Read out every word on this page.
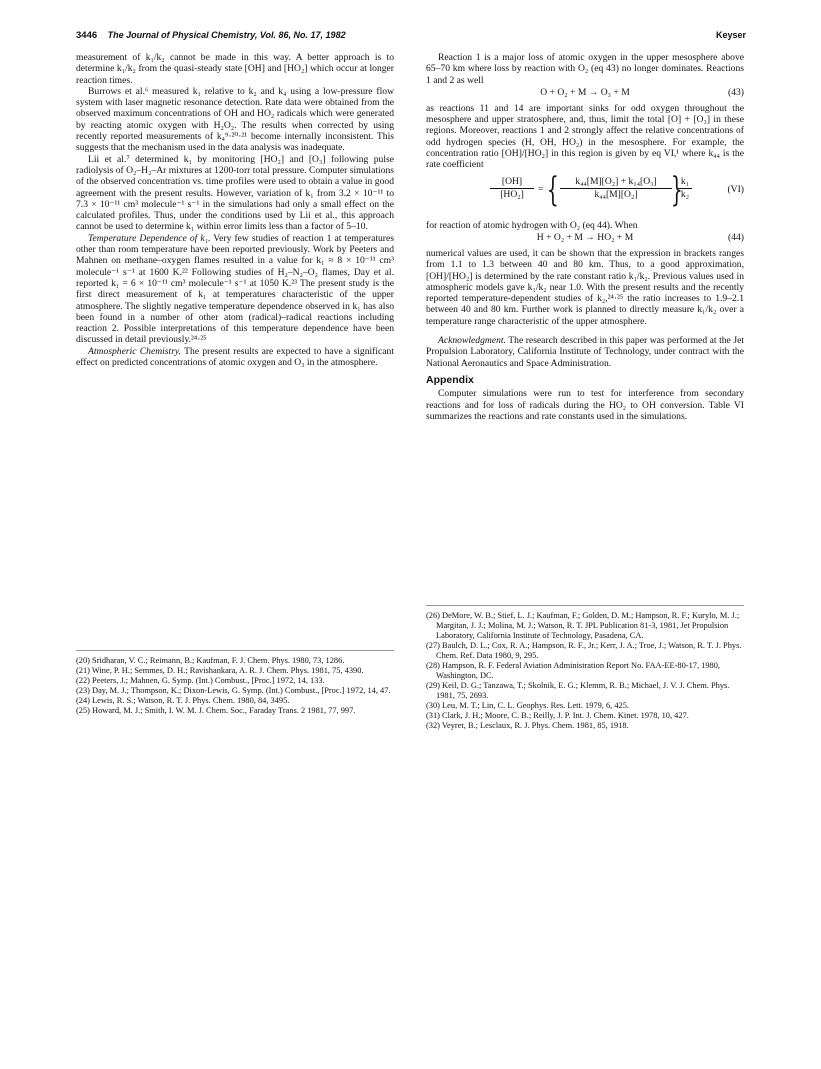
3446 The Journal of Physical Chemistry, Vol. 86, No. 17, 1982	Keyser

measurement of k₁/k₂ cannot be made in this way. A better approach is to determine k₁/k₂ from the quasi-steady state [OH] and [HO₂] which occur at longer reaction times.

Burrows et al.⁶ measured k₁ relative to k₂ and k₄ using a low-pressure flow system with laser magnetic resonance detection. Rate data were obtained from the observed maximum concentrations of OH and HO₂ radicals which were generated by reacting atomic oxygen with H₂O₂. The results when corrected by using recently reported measurements of k₄⁹·²⁰·²¹ become internally inconsistent. This suggests that the mechanism used in the data analysis was inadequate.

Lii et al.⁷ determined k₁ by monitoring [HO₂] and [O₃] following pulse radiolysis of O₂–H₂–Ar mixtures at 1200-torr total pressure. Computer simulations of the observed concentration vs. time profiles were used to obtain a value in good agreement with the present results. However, variation of k₁ from 3.2 × 10⁻¹¹ to 7.3 × 10⁻¹¹ cm³ molecule⁻¹ s⁻¹ in the simulations had only a small effect on the calculated profiles. Thus, under the conditions used by Lii et al., this approach cannot be used to determine k₁ within error limits less than a factor of 5–10.

Temperature Dependence of k₁. Very few studies of reaction 1 at temperatures other than room temperature have been reported previously. Work by Peeters and Mahnen on methane–oxygen flames resulted in a value for k₁ ≈ 8 × 10⁻¹¹ cm³ molecule⁻¹ s⁻¹ at 1600 K.²² Following studies of H₂–N₂–O₂ flames, Day et al. reported k₁ = 6 × 10⁻¹¹ cm³ molecule⁻¹ s⁻¹ at 1050 K.²³ The present study is the first direct measurement of k₁ at temperatures characteristic of the upper atmosphere. The slightly negative temperature dependence observed in k₁ has also been found in a number of other atom (radical)–radical reactions including reaction 2. Possible interpretations of this temperature dependence have been discussed in detail previously.²⁴·²⁵

Atmospheric Chemistry. The present results are expected to have a significant effect on predicted concentrations of atomic oxygen and O₃ in the atmosphere.

Reaction 1 is a major loss of atomic oxygen in the upper mesosphere above 65–70 km where loss by reaction with O₂ (eq 43) no longer dominates. Reactions 1 and 2 as well

O + O₂ + M → O₃ + M	(43)

as reactions 11 and 14 are important sinks for odd oxygen throughout the mesosphere and upper stratosphere, and, thus, limit the total [O] + [O₃] in these regions. Moreover, reactions 1 and 2 strongly affect the relative concentrations of odd hydrogen species (H, OH, HO₂) in the mesosphere. For example, the concentration ratio [OH]/[HO₂] in this region is given by eq VI,¹ where k₄₄ is the rate coefficient

$\frac{[OH]}{\text{[HO₂]}}$ = { $\frac{\text{k₄₄[M][O₂] + k₁₄[O₃]}}{\text{k₄₄[M][O₂]}}$
}
$\frac{\text{k₁}}{\text{k₂}}$	(VI)

for reaction of atomic hydrogen with O₂ (eq 44). When

H + O₂ + M → HO₂ + M	(44)

numerical values are used, it can be shown that the expression in brackets ranges from 1.1 to 1.3 between 40 and 80 km. Thus, to a good approximation, [OH]/[HO₂] is determined by the rate constant ratio k₁/k₂. Previous values used in atmospheric models gave k₁/k₂ near 1.0. With the present results and the recently reported temperature-dependent studies of k₂,²⁴·²⁵ the ratio increases to 1.9–2.1 between 40 and 80 km. Further work is planned to directly measure k₁/k₂ over a temperature range characteristic of the upper atmosphere.

Acknowledgment. The research described in this paper was performed at the Jet Propulsion Laboratory, California Institute of Technology, under contract with the National Aeronautics and Space Administration.

Appendix

Computer simulations were run to test for interference from secondary reactions and for loss of radicals during the HO₂ to OH conversion. Table VI summarizes the reactions and rate constants used in the simulations.

(20) Sridharan, V. C.; Reimann, B.; Kaufman, F. J. Chem. Phys. 1980, 73, 1286.

(21) Wine, P. H.; Semmes, D. H.; Ravishankara, A. R. J. Chem. Phys. 1981, 75, 4390.

(22) Peeters, J.; Mahnen, G. Symp. (Int.) Combust., [Proc.] 1972, 14, 133.

(23) Day, M. J.; Thompson, K.; Dixon-Lewis, G. Symp. (Int.) Combust., [Proc.] 1972, 14, 47.

(24) Lewis, R. S.; Watson, R. T. J. Phys. Chem. 1980, 84, 3495.

(25) Howard, M. J.; Smith, I. W. M. J. Chem. Soc., Faraday Trans. 2 1981, 77, 997.

(26) DeMore, W. B.; Stief, L. J.; Kaufman, F.; Golden, D. M.; Hampson, R. F.; Kurylo, M. J.; Margitan, J. J.; Molina, M. J.; Watson, R. T. JPL Publication 81-3, 1981, Jet Propulsion Laboratory, California Institute of Technology, Pasadena, CA.

(27) Baulch, D. L.; Cox, R. A.; Hampson, R. F., Jr.; Kerr, J. A.; Troe, J.; Watson, R. T. J. Phys. Chem. Ref. Data 1980, 9, 295.

(28) Hampson, R. F. Federal Aviation Administration Report No. FAA-EE-80-17, 1980, Washington, DC.

(29) Keil, D. G.; Tanzawa, T.; Skolnik, E. G.; Klemm, R. B.; Michael, J. V. J. Chem. Phys. 1981, 75, 2693.

(30) Leu, M. T.; Lin, C. L. Geophys. Res. Lett. 1979, 6, 425.

(31) Clark, J. H.; Moore, C. B.; Reilly, J. P. Int. J. Chem. Kinet. 1978, 10, 427.

(32) Veyret, B.; Lesclaux, R. J. Phys. Chem. 1981, 85, 1918.
